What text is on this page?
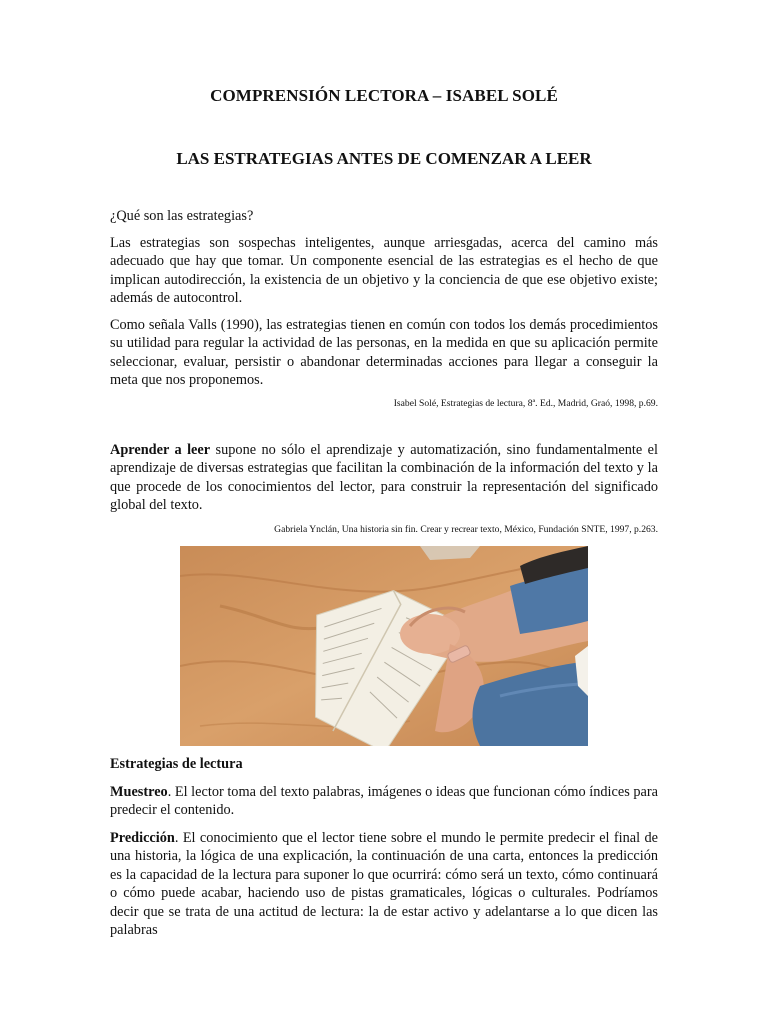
COMPRENSIÓN LECTORA – ISABEL SOLÉ
LAS ESTRATEGIAS ANTES DE COMENZAR A LEER
¿Qué son las estrategias?
Las estrategias son sospechas inteligentes, aunque arriesgadas, acerca del camino más adecuado que hay que tomar. Un componente esencial de las estrategias es el hecho de que implican autodirección, la existencia de un objetivo y la conciencia de que ese objetivo existe; además de autocontrol.
Como señala Valls (1990), las estrategias tienen en común con todos los demás procedimientos su utilidad para regular la actividad de las personas, en la medida en que su aplicación permite seleccionar, evaluar, persistir o abandonar determinadas acciones para llegar a conseguir la meta que nos proponemos.
Isabel Solé, Estrategias de lectura, 8ª. Ed., Madrid, Graó, 1998, p.69.
Aprender a leer supone no sólo el aprendizaje y automatización, sino fundamentalmente el aprendizaje de diversas estrategias que facilitan la combinación de la información del texto y la que procede de los conocimientos del lector, para construir la representación del significado global del texto.
Gabriela Ynclán, Una historia sin fin. Crear y recrear texto, México, Fundación SNTE, 1997, p.263.
Estrategias de lectura
Muestreo. El lector toma del texto palabras, imágenes o ideas que funcionan cómo índices para predecir el contenido.
Predicción. El conocimiento que el lector tiene sobre el mundo le permite predecir el final de una historia, la lógica de una explicación, la continuación de una carta, entonces la predicción es la capacidad de la lectura para suponer lo que ocurrirá: cómo será un texto, cómo continuará o cómo puede acabar, haciendo uso de pistas gramaticales, lógicas o culturales. Podríamos decir que se trata de una actitud de lectura: la de estar activo y adelantarse a lo que dicen las palabras
